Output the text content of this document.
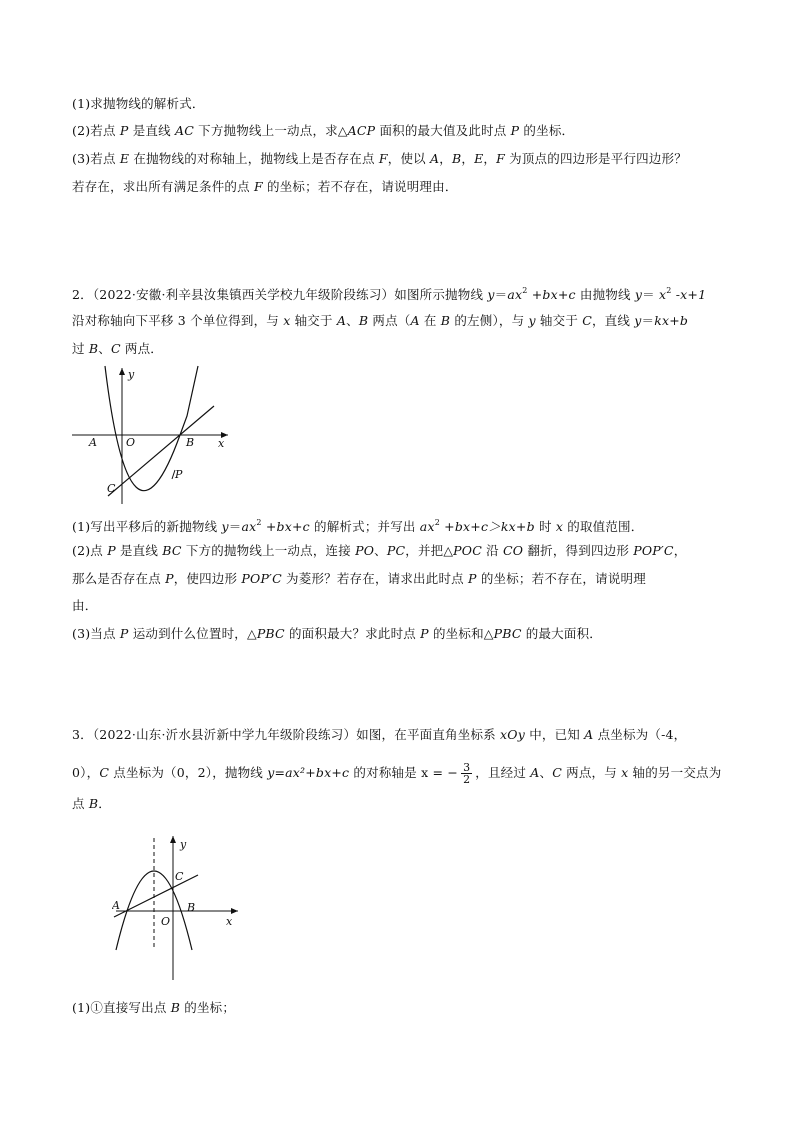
(1)求抛物线的解析式．
(2)若点 P 是直线 AC 下方抛物线上一动点，求△ACP 面积的最大值及此时点 P 的坐标．
(3)若点 E 在抛物线的对称轴上，抛物线上是否存在点 F，使以 A，B，E，F 为顶点的四边形是平行四边形？
若存在，求出所有满足条件的点 F 的坐标；若不存在，请说明理由．
2．（2022·安徽·利辛县汝集镇西关学校九年级阶段练习）如图所示抛物线 $y=ax^2 +bx+c$ 由抛物线 $y= x^2$ -x+1
沿对称轴向下平移 3 个单位得到，与 x 轴交于 A、B 两点（A 在 B 的左侧），与 y 轴交于 C，直线 y＝kx+b
过 B、C 两点．
y
x
A	O	B
C
P
(1)写出平移后的新抛物线 $y=ax^2 +bx+c$ 的解析式；并写出 $ax^2 +bx+c>kx+b$ 时 x 的取值范围．
(2)点 P 是直线 BC 下方的抛物线上一动点，连接 PO、PC，并把△POC 沿 CO 翻折，得到四边形 POP′C，
那么是否存在点 P，使四边形 POP′C 为菱形？若存在，请求出此时点 P 的坐标；若不存在，请说明理
由．
(3)当点 P 运动到什么位置时，△PBC 的面积最大？求此时点 P 的坐标和△PBC 的最大面积．
3．（2022·山东·沂水县沂新中学九年级阶段练习）如图，在平面直角坐标系 xOy 中，已知 A 点坐标为（-4，
0），C 点坐标为（0，2），抛物线 y=ax²+bx+c 的对称轴是 x = − $\frac{3}{2}$ ，且经过 A、C 两点，与 x 轴的另一交点为
点 B．
y
x
A
O
B
C
(1)①直接写出点 B 的坐标；
